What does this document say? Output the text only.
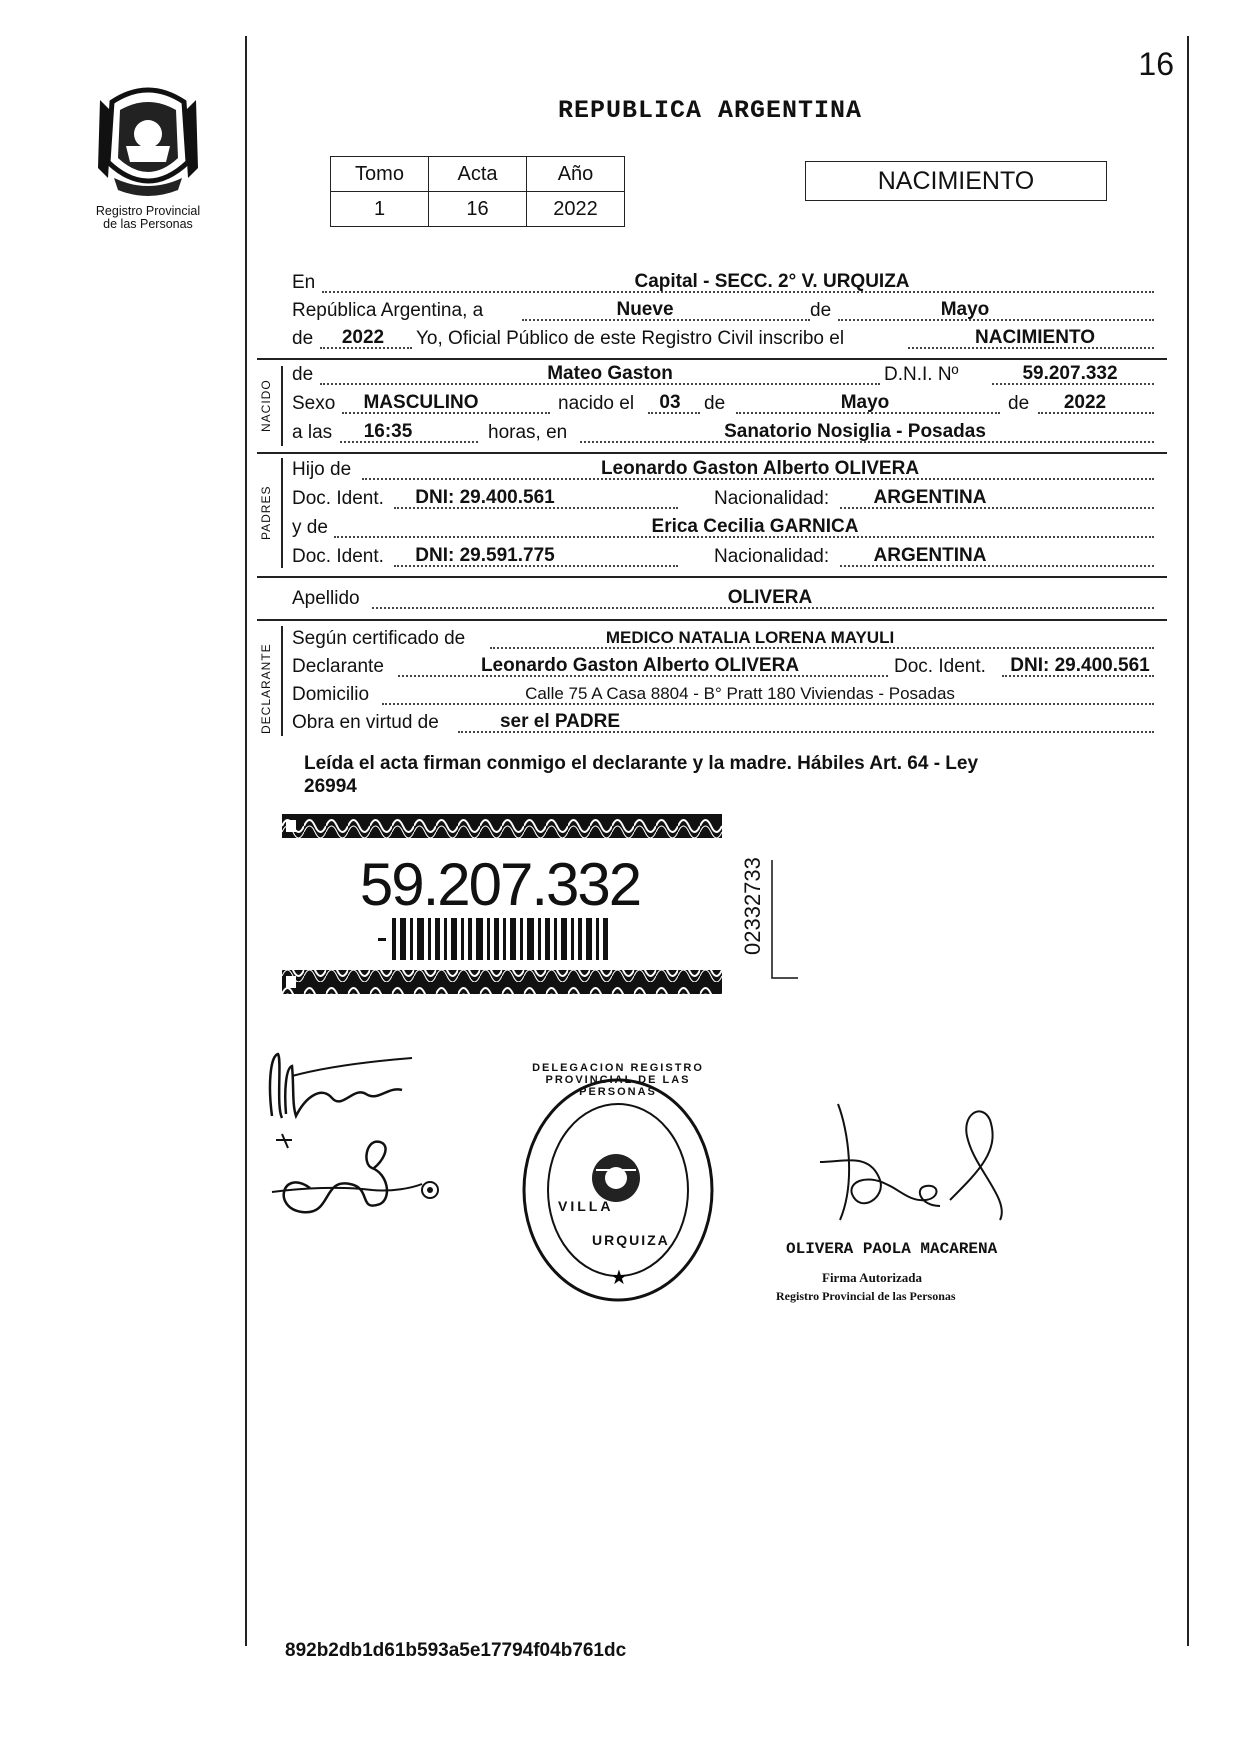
16
Registro Provincial
de las Personas
REPUBLICA ARGENTINA
Tomo	Acta	Año
1	16	2022
NACIMIENTO
En	Capital - SECC. 2° V. URQUIZA
República Argentina, a	Nueve	de	Mayo
de	2022	Yo, Oficial Público de este Registro Civil inscribo el	NACIMIENTO
NACIDO
de	Mateo Gaston	D.N.I. Nº	59.207.332
Sexo	MASCULINO	nacido el	03	de	Mayo	de	2022
a las	16:35	horas, en	Sanatorio Nosiglia - Posadas
PADRES
Hijo de	Leonardo Gaston Alberto OLIVERA
Doc. Ident.	DNI: 29.400.561	Nacionalidad:	ARGENTINA
y de	Erica Cecilia GARNICA
Doc. Ident.	DNI: 29.591.775	Nacionalidad:	ARGENTINA
Apellido	OLIVERA
DECLARANTE
Según certificado de	MEDICO NATALIA LORENA MAYULI
Declarante	Leonardo Gaston Alberto OLIVERA	Doc. Ident. DNI: 29.400.561
Domicilio	Calle 75 A Casa 8804 - B° Pratt 180 Viviendas - Posadas
Obra en virtud de	ser el PADRE
Leída el acta firman conmigo el declarante y la madre. Hábiles Art. 64 - Ley
26994
59.207.332	02332733
★
DELEGACION REGISTRO PROVINCIAL DE LAS PERSONAS
VILLA
URQUIZA	OLIVERA PAOLA MACARENA
Firma Autorizada
Registro Provincial de las Personas
892b2db1d61b593a5e17794f04b761dc
